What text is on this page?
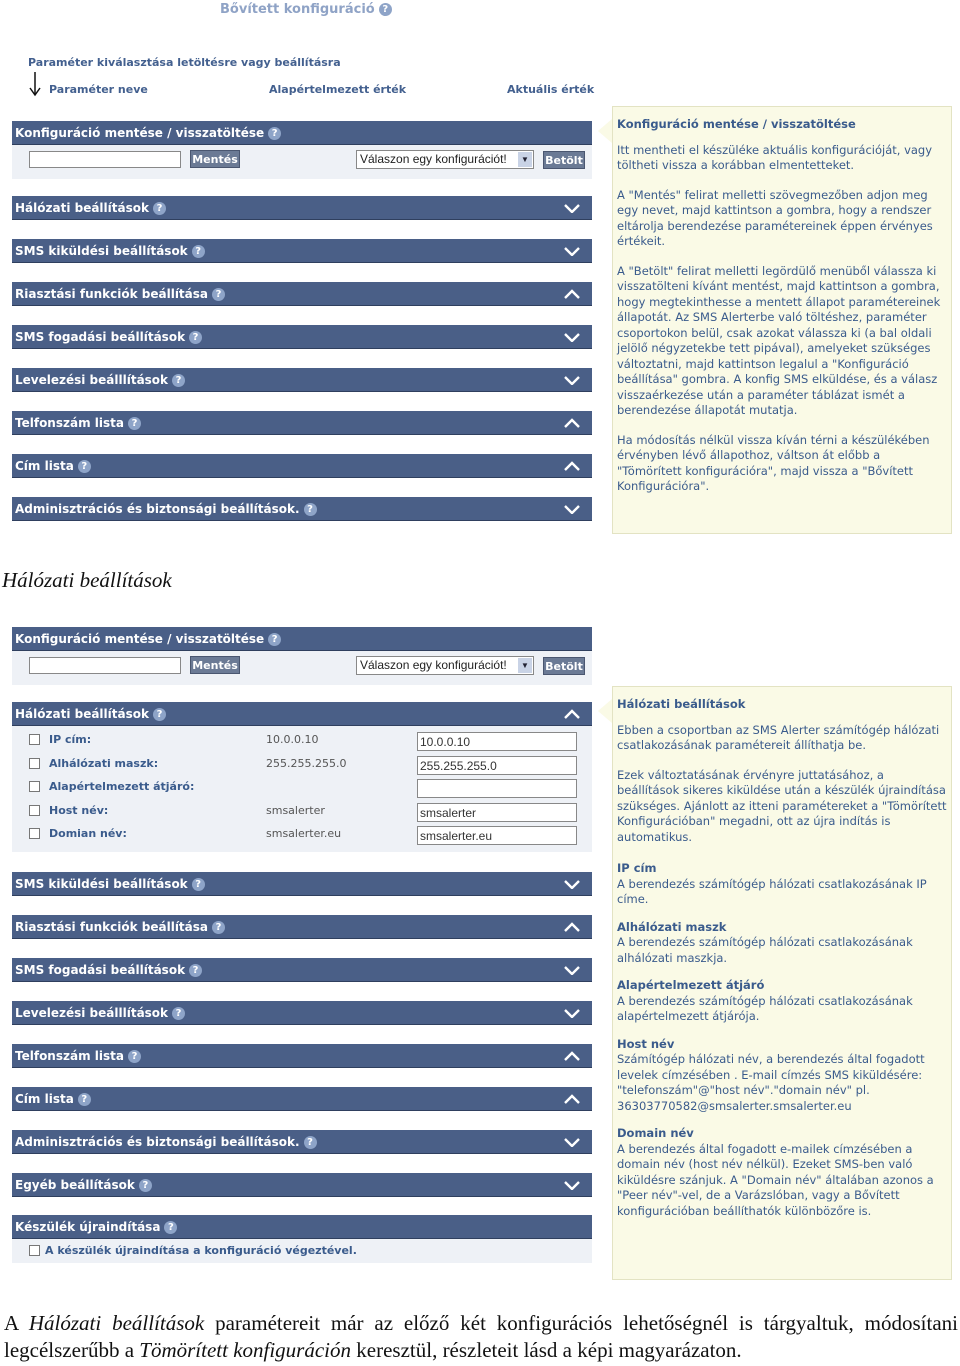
Bővített konfiguráció ?
Paraméter kiválasztása letöltésre vagy beállításra
Paraméter neve	Alapértelmezett érték	Aktuális érték
Konfiguráció mentése / visszatöltése ?
Mentés	Válaszon egy konfigurációt!	▼ Betölt
Hálózati beállítások ?
SMS kiküldési beállítások ?
Riasztási funkciók beállítása ?
SMS fogadási beállítások ?
Levelezési beálllítások ?
Telfonszám lista ?
Cím lista ?
Adminisztrációs és biztonsági beállítások. ?
Konfiguráció mentése / visszatöltése

Itt mentheti el készüléke aktuális konfigurációját, vagy töltheti vissza a korábban elmentetteket.

A "Mentés" felirat melletti szövegmezőben adjon meg egy nevet, majd kattintson a gombra, hogy a rendszer eltárolja berendezése paramétereinek éppen érvényes értékeit.

A "Betölt" felirat melletti legördülő menüből válassza ki visszatölteni kívánt mentést, majd kattintson a gombra, hogy megtekinthesse a mentett állapot paramétereinek állapotát. Az SMS Alerterbe való töltéshez, paraméter csoportokon belül, csak azokat válassza ki (a bal oldali jelölő négyzetekbe tett pipával), amelyeket szükséges változtatni, majd kattintson legalul a "Konfiguráció beállítása" gombra. A konfig SMS elküldése, és a válasz visszaérkezése után a paraméter táblázat ismét a berendezése állapotát mutatja.

Ha módosítás nélkül vissza kíván térni a készülékében érvényben lévő állapothoz, váltson át előbb a "Tömörített konfigurációra", majd vissza a "Bővített Konfigurációra".

Hálózati beállítások
Konfiguráció mentése / visszatöltése ?
Mentés	Válaszon egy konfigurációt!	▼ Betölt
Hálózati beállítások ?
IP cím:	10.0.0.10	10.0.0.10
Alhálózati maszk:	255.255.255.0	255.255.255.0
Alapértelmezett átjáró:
Host név:	smsalerter	smsalerter
Domian név:	smsalerter.eu	smsalerter.eu
SMS kiküldési beállítások ?
Riasztási funkciók beállítása ?
SMS fogadási beállítások ?
Levelezési beálllítások ?
Telfonszám lista ?
Cím lista ?
Adminisztrációs és biztonsági beállítások. ?
Egyéb beállítások ?
Készülék újraindítása ?
A készülék újraindítása a konfiguráció végeztével.
Hálózati beállítások

Ebben a csoportban az SMS Alerter számítógép hálózati csatlakozásának paramétereit állíthatja be.

Ezek változtatásának érvényre juttatásához, a beállítások sikeres kiküldése után a készülék újraindítása szükséges. Ajánlott az itteni paramétereket a "Tömörített Konfigurációban" megadni, ott az újra indítás is automatikus.

IP cím
A berendezés számítógép hálózati csatlakozásának IP címe.
Alhálózati maszk
A berendezés számítógép hálózati csatlakozásának alhálózati maszkja.
Alapértelmezett átjáró
A berendezés számítógép hálózati csatlakozásának alapértelmezett átjárója.
Host név
Számítógép hálózati név, a berendezés által fogadott levelek címzésében . E-mail címzés SMS kiküldésére: "telefonszám"@"host név"."domain név" pl. 36303770582@smsalerter.smsalerter.eu
Domain név
A berendezés által fogadott e-mailek címzésében a domain név (host név nélkül). Ezeket SMS-ben való kiküldésre szánjuk. A "Domain név" általában azonos a "Peer név"-vel, de a Varázslóban, vagy a Bővített konfigurációban beállíthatók különbözőre is.
A Hálózati beállítások paramétereit már az előző két konfigurációs lehetőségnél is tárgyaltuk, módosítani legcélszerűbb a Tömörített konfiguráción keresztül, részleteit lásd a képi magyarázaton.
